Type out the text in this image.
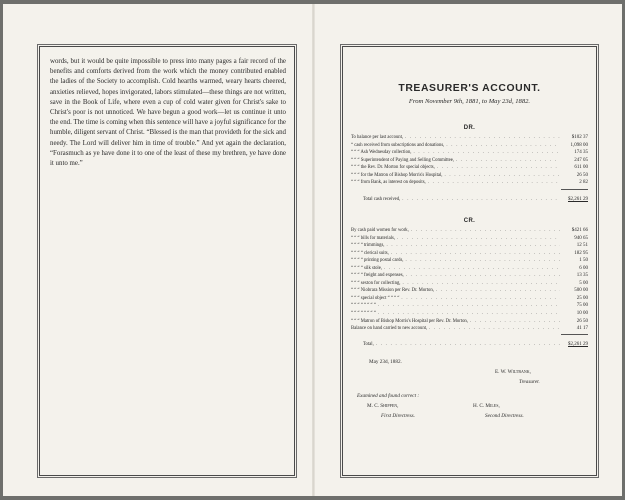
words, but it would be quite impossible to press into many pages a fair record of the benefits and comforts derived from the work which the money contributed enabled the ladies of the Society to accomplish. Cold hearths warmed, weary hearts cheered, anxieties relieved, hopes invigorated, labors stimulated—these things are not written, save in the Book of Life, where even a cup of cold water given for Christ's sake to Christ's poor is not unnoticed. We have begun a good work—let us continue it unto the end. The time is coming when this sentence will have a joyful significance for the humble, diligent servant of Christ. “Blessed is the man that provideth for the sick and needy. The Lord will deliver him in time of trouble.” And yet again the declaration, “Forasmuch as ye have done it to one of the least of these my brethren, ye have done it unto me.”

TREASURER'S ACCOUNT.
From November 9th, 1881, to May 23d, 1882.
DR.
To balance per last account, . . .	$102 37
“ cash received from subscriptions and donations, . . .	1,098 00
“ “ “ Ash Wednesday collection, . . .	174 35
“ “ “ Superintendent of Paying and Selling Committee, . . .	247 05
“ “ “ the Rev. Dr. Morton for special objects, . . .	611 00
“ “ “ for the Matron of Bishop Morris's Hospital, . . .	26 50
“ “ “ from Bank, as interest on deposits, . . .	2 82
Total cash received, . . .	$2,261 29
CR.
By cash paid women for work, . . .	$421 66
“ “ “ bills for materials, . . .	940 65
“ “ “ “ trimmings, . . .	12 51
“ “ “ “ clerical suits, . . .	182 95
“ “ “ “ printing postal cards, . . .	1 50
“ “ “ “ silk stole, . . .	6 00
“ “ “ “ freight and expenses, . . .	13 35
“ “ “ sexton for collecting, . . .	5 00
“ “ “ Niobrara Mission per Rev. Dr. Morton, . . .	500 00
“ “ “ special object “ “ “ “ . . .	25 00
“ “ “ “ “ “ “ “ . . .	75 00
“ “ “ “ “ “ “ “ . . .	10 00
“ “ “ Matron of Bishop Morris's Hospital per Rev. Dr. Morton, . . .	26 50
Balance on hand carried to new account, . . .	41 17
Total, . . .	$2,261 29
May 23d, 1882.
E. W. Wiltbank,
Treasurer.
Examined and found correct :
M. C. Shippen,
First Directress.
H. C. Miles,
Second Directress.
